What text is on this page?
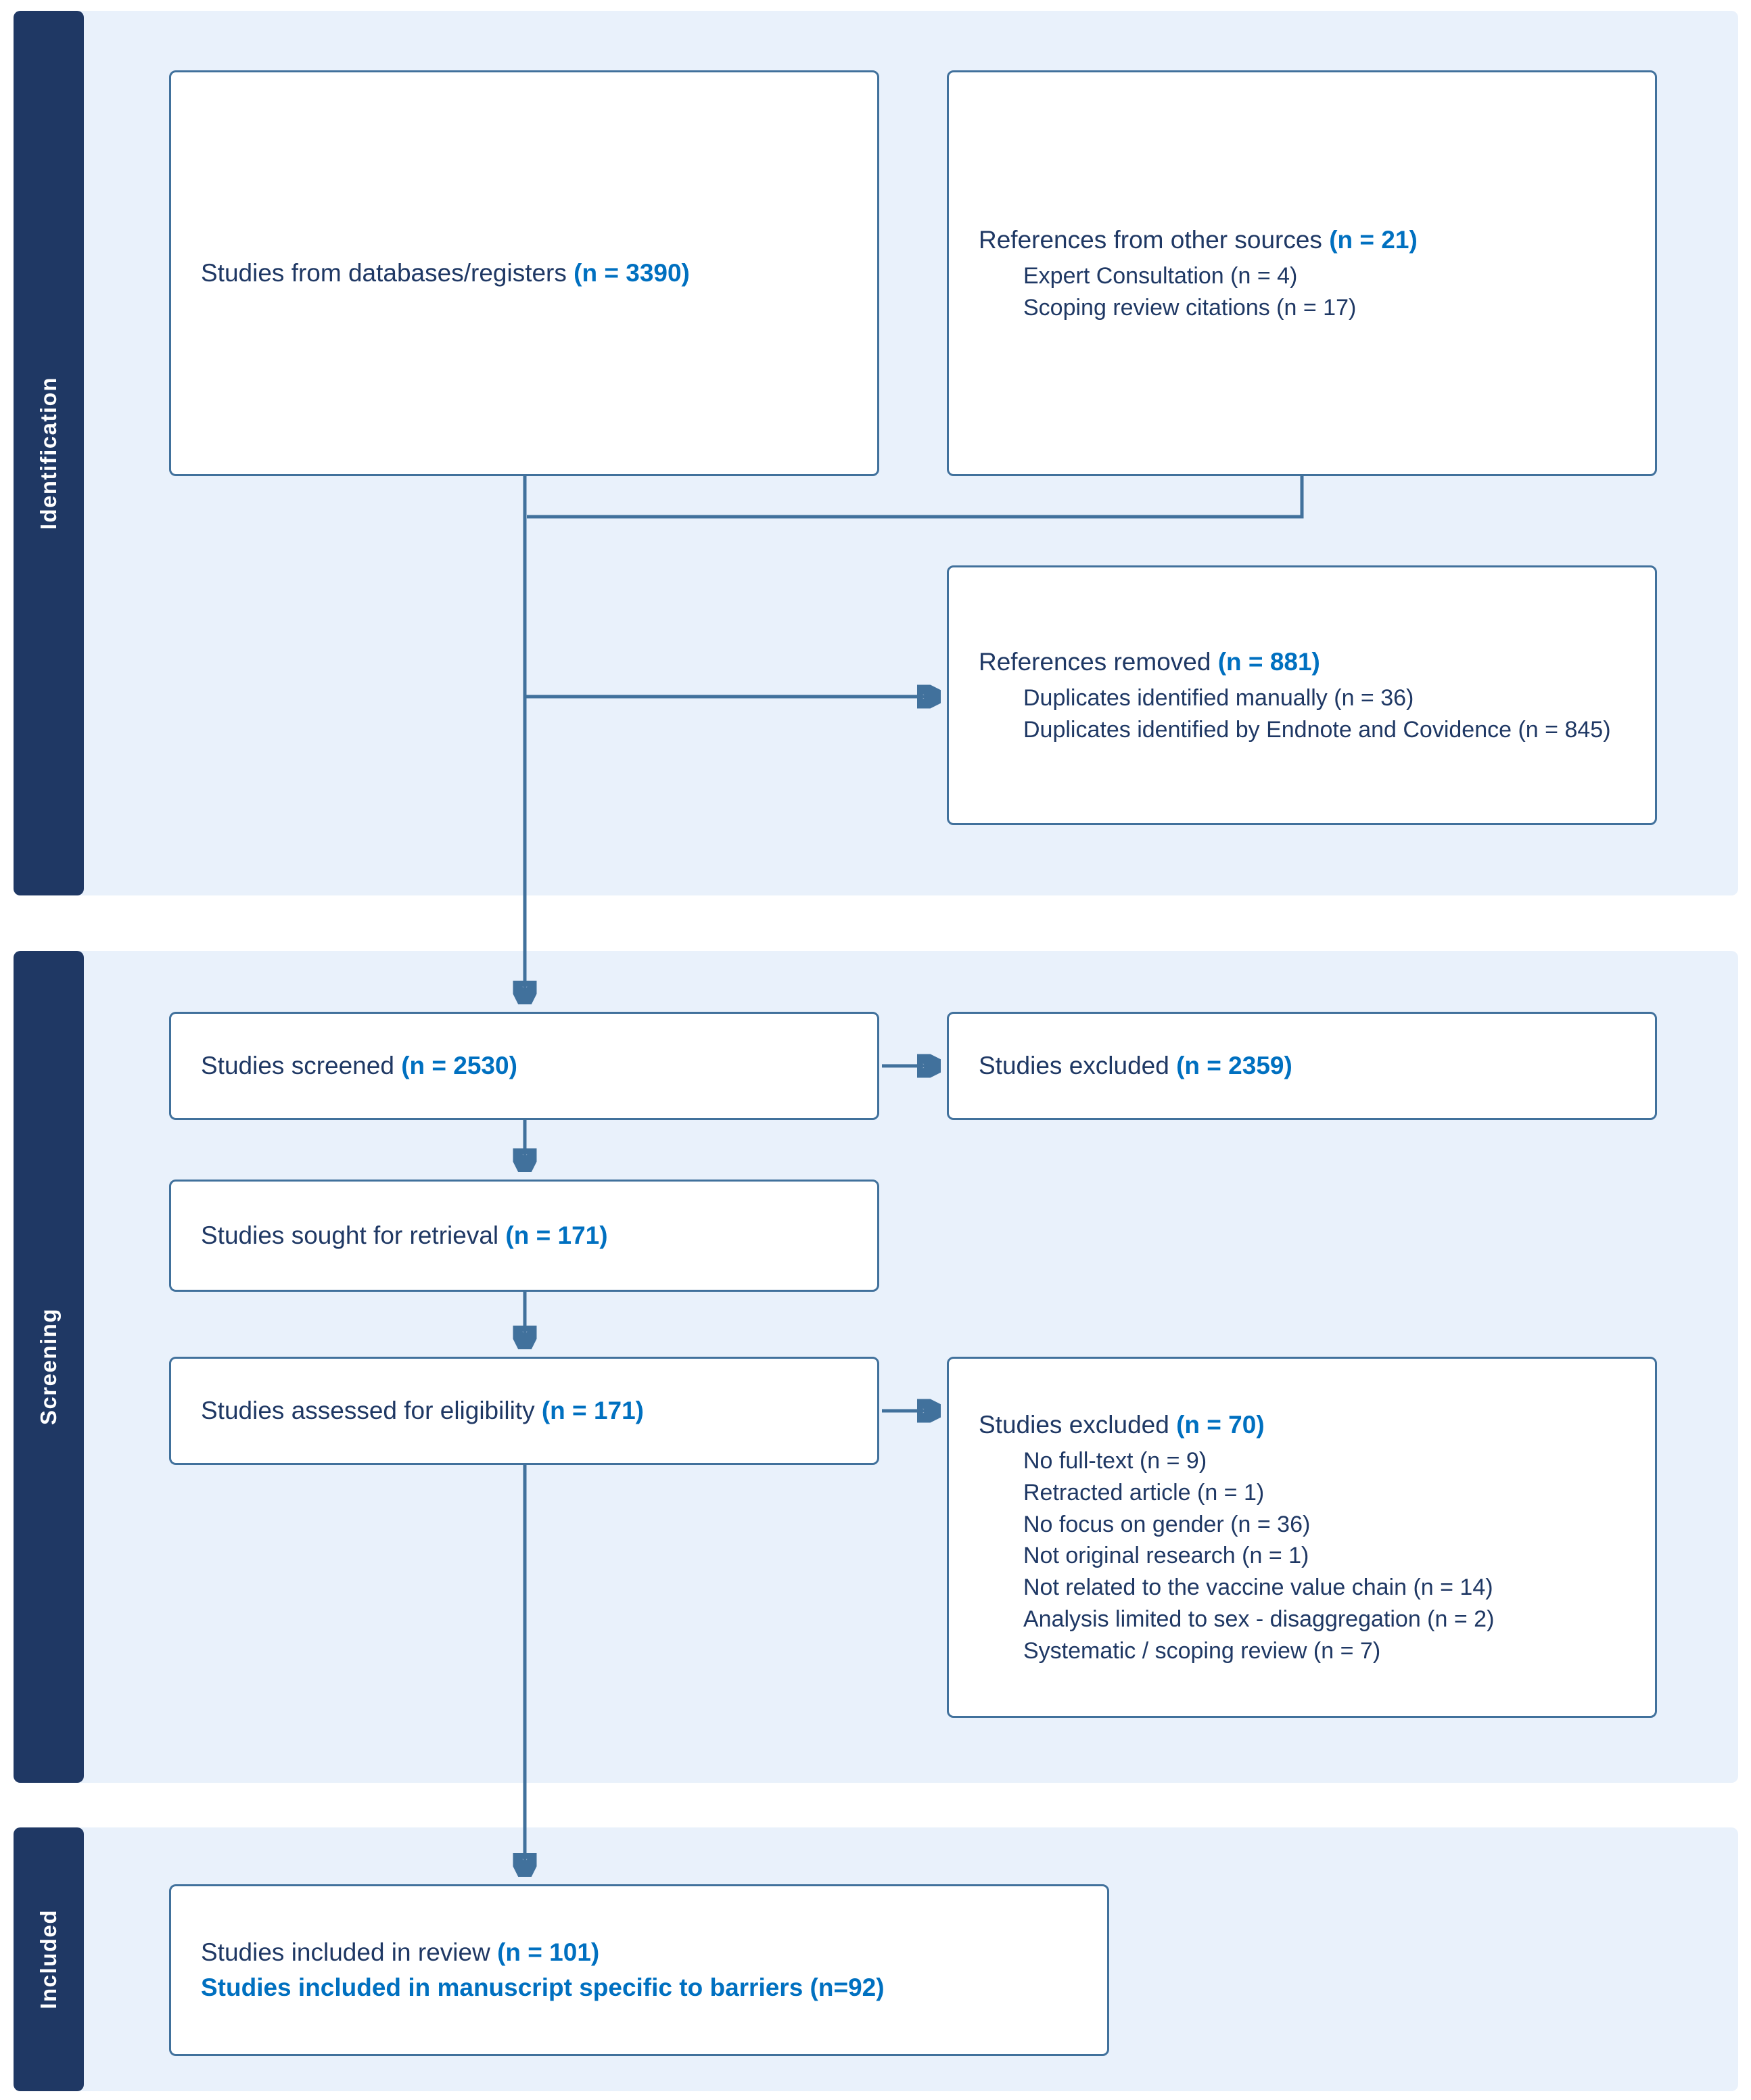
Identification
Screening
Included

Studies from databases/registers (n = 3390)

References from other sources (n = 21)

Expert Consultation (n = 4)
Scoping review citations (n = 17)

References removed (n = 881)

Duplicates identified manually (n = 36)
Duplicates identified by Endnote and Covidence (n = 845)

Studies screened (n = 2530)	Studies excluded (n = 2359)

Studies sought for retrieval (n = 171)

Studies assessed for eligibility (n = 171)

Studies excluded (n = 70)

No full-text (n = 9)
Retracted article (n = 1)
No focus on gender (n = 36)
Not original research (n = 1)
Not related to the vaccine value chain (n = 14)
Analysis limited to sex - disaggregation (n = 2)
Systematic / scoping review (n = 7)

Studies included in review (n = 101)

Studies included in manuscript specific to barriers (n=92)
